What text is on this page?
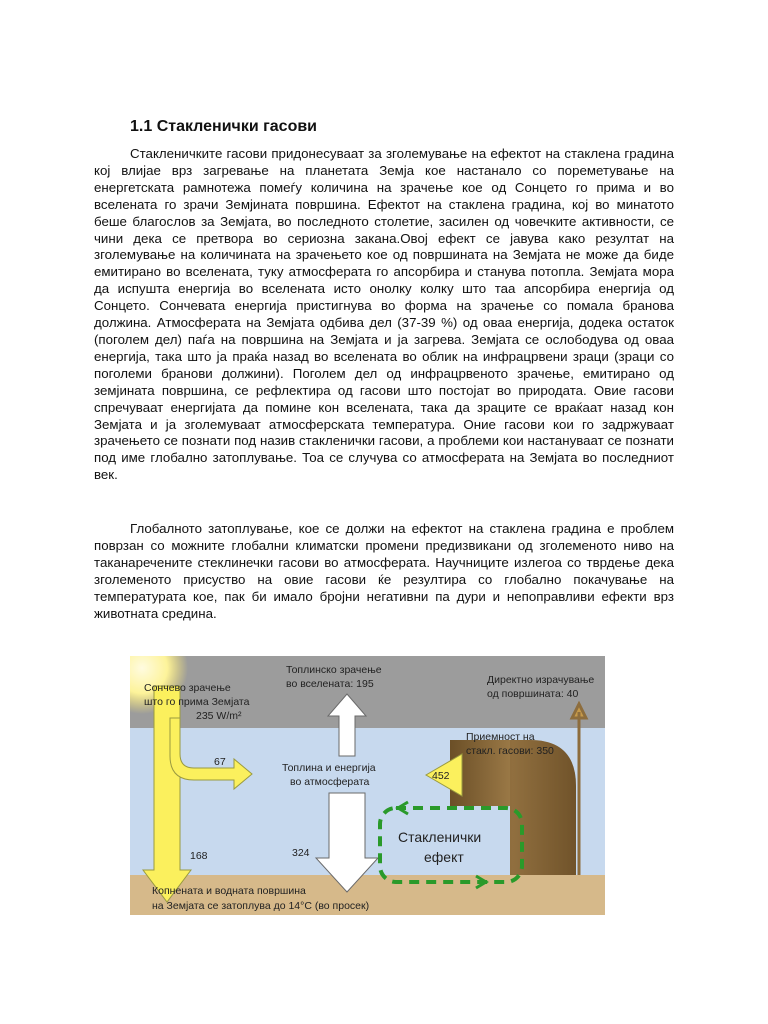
1.1 Стакленички гасови

Стакленичките гасови придонесуваат за зголемување на ефектот на стаклена градина кој влијае врз загревање на планетата Земја кое настанало со пореметување на енергетската рамнотежа помеѓу количина на зрачење кое од Сонцето го прима и во вселената го зрачи Земјината површина. Ефектот на стаклена градина, кој во минатото беше благослов за Земјата, во последното столетие, засилен од човечките активности, се чини дека се претвора во сериозна закана.Овој ефект се јавува како резултат на зголемување на количината на зрачењето кое од површината на Земјата не може да биде емитирано во вселената, туку атмосферата го апсорбира и станува потопла. Земјата мора да испушта енергија во вселената исто онолку колку што таа апсорбира енергија од Сонцето. Сончевата енергија пристигнува во форма на зрачење со помала бранова должина. Атмосферата на Земјата одбива дел (37-39 %) од оваа енергија, додека остаток (поголем дел) паѓа на површина на Земјата и ја загрева. Земјата се ослободува од оваа енергија, така што ја праќа назад во вселената во облик на инфрацрвени зраци (зраци со поголеми бранови должини). Поголем дел од инфрацрвеното зрачење, емитирано од земјината површина, се рефлектира од гасови што постојат во природата. Овие гасови спречуваат енергијата да помине кон вселената, така да зраците се враќаат назад кон Земјата и ја зголемуваат атмосферската температура. Оние гасови кои го задржуваат зрачењето се познати под назив стакленички гасови, а проблеми кои настануваат се познати под име глобално затоплување. Тоа се случува со атмосферата на Земјата во последниот век.

Глобалното затоплување, кое се должи на ефектот на стаклена градина е проблем поврзан со можните глобални климатски промени предизвикани од зголеменото ниво на таканаречените стеклинечки гасови во атмосферата. Научниците излегоа со тврдење дека зголеменото присуство на овие гасови ќе резултира со глобално покачување на температурата кое, пак би имало бројни негативни па дури и непоправливи ефекти врз животната средина.

Сончево зрачење
што го прима Земјата
235 W/m²
Топлинско зрачење
во вселената: 195	Директно израчување
од површината: 40
Приемност на
стакл. гасови: 350
67	Топлина и енергија
во атмосферата	452
168	324
Стакленички
ефект
Копнената и водната површина
на Земјата се затоплува до 14°C (во просек)
